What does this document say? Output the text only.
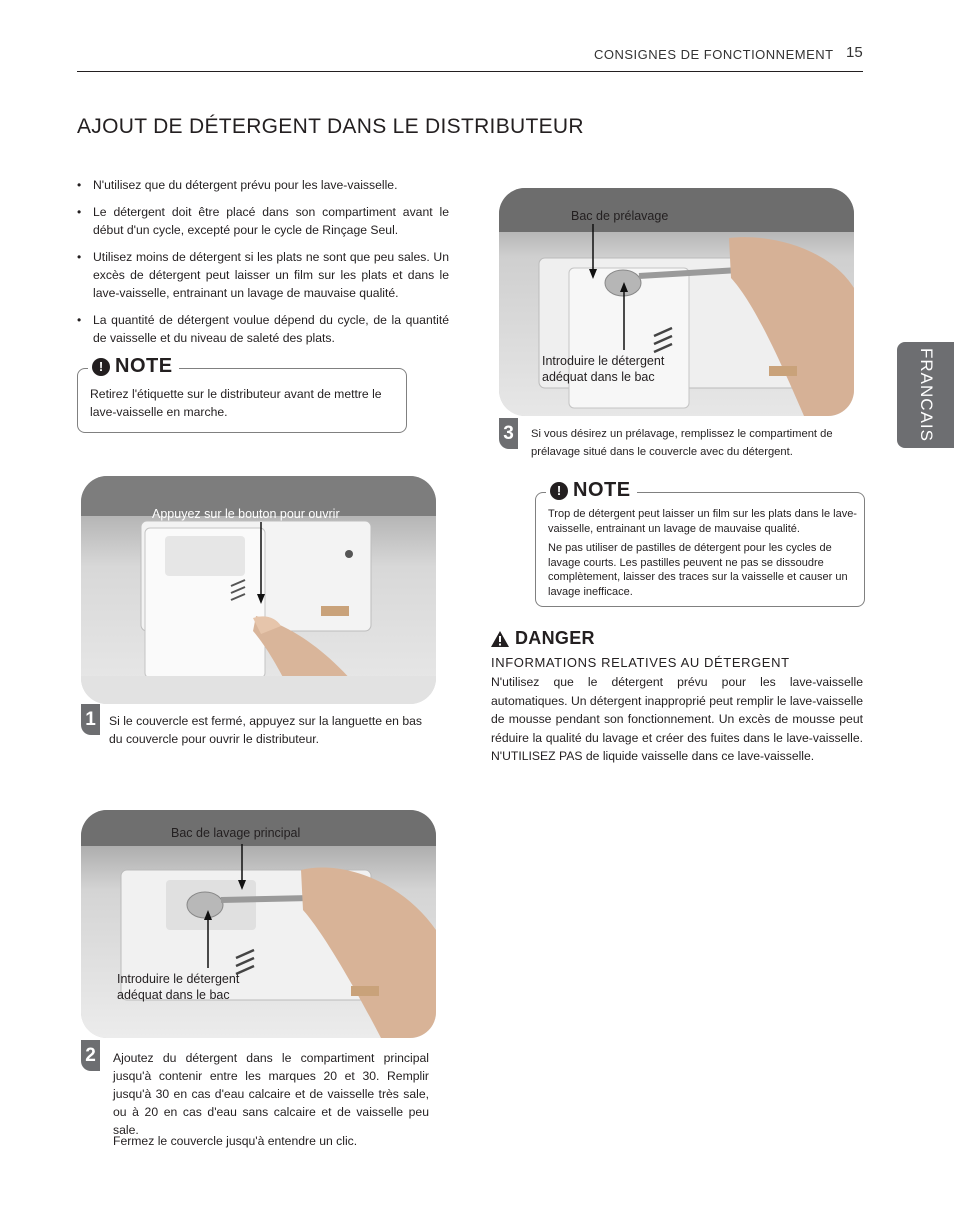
CONSIGNES DE FONCTIONNEMENT 15
AJOUT DE DÉTERGENT DANS LE DISTRIBUTEUR
• N'utilisez que du détergent prévu pour les lave-vaisselle.
• Le détergent doit être placé dans son compartiment avant le début d'un cycle, excepté pour le cycle de Rinçage Seul.
• Utilisez moins de détergent si les plats ne sont que peu sales. Un excès de détergent peut laisser un film sur les plats et dans le lave-vaisselle, entrainant un lavage de mauvaise qualité.
• La quantité de détergent voulue dépend du cycle, de la quantité de vaisselle et du niveau de saleté des plats.
! NOTE
Retirez l'étiquette sur le distributeur avant de mettre le lave-vaisselle en marche.
Appuyez sur le bouton pour ouvrir
1	Si le couvercle est fermé, appuyez sur la languette en bas du couvercle pour ouvrir le distributeur.
Bac de lavage principal
Introduire le détergent adéquat dans le bac
2	Ajoutez du détergent dans le compartiment principal jusqu'à contenir entre les marques 20 et 30. Remplir jusqu'à 30 en cas d'eau calcaire et de vaisselle très sale, ou à 20 en cas d'eau sans calcaire et de vaisselle peu sale.
Fermez le couvercle jusqu'à entendre un clic.
Bac de prélavage
Introduire le détergent adéquat dans le bac
3	Si vous désirez un prélavage, remplissez le compartiment de prélavage situé dans le couvercle avec du détergent.
! NOTE
Trop de détergent peut laisser un film sur les plats dans le lave-vaisselle, entrainant un lavage de mauvaise qualité.
Ne pas utiliser de pastilles de détergent pour les cycles de lavage courts. Les pastilles peuvent ne pas se dissoudre complètement, laisser des traces sur la vaisselle et causer un lavage inefficace.
DANGER
INFORMATIONS RELATIVES AU DÉTERGENT
N'utilisez que le détergent prévu pour les lave-vaisselle automatiques. Un détergent inapproprié peut remplir le lave-vaisselle de mousse pendant son fonctionnement. Un excès de mousse peut réduire la qualité du lavage et créer des fuites dans le lave-vaisselle. N'UTILISEZ PAS de liquide vaisselle dans ce lave-vaisselle.
FRANCAIS
